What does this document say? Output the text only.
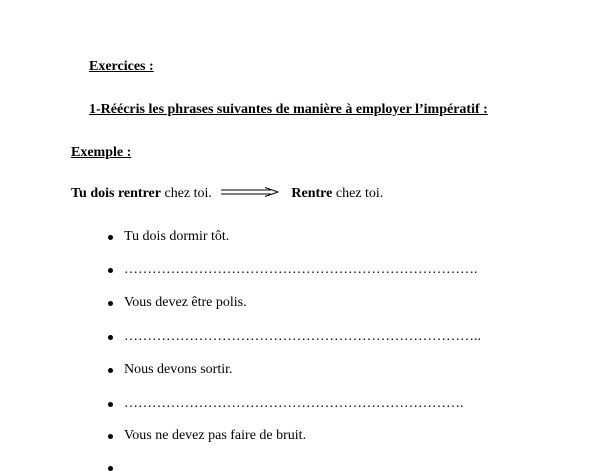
Exercices :
1-Réécris les phrases suivantes de manière à employer l’impératif :
Exemple :
Tu dois rentrer chez toi.	Rentre chez toi.
Tu dois dormir tôt.
………………………………………………………………….
Vous devez être polis.
…………………………………………………………………..
Nous devons sortir.
……………………………………………………………….
Vous ne devez pas faire de bruit.
